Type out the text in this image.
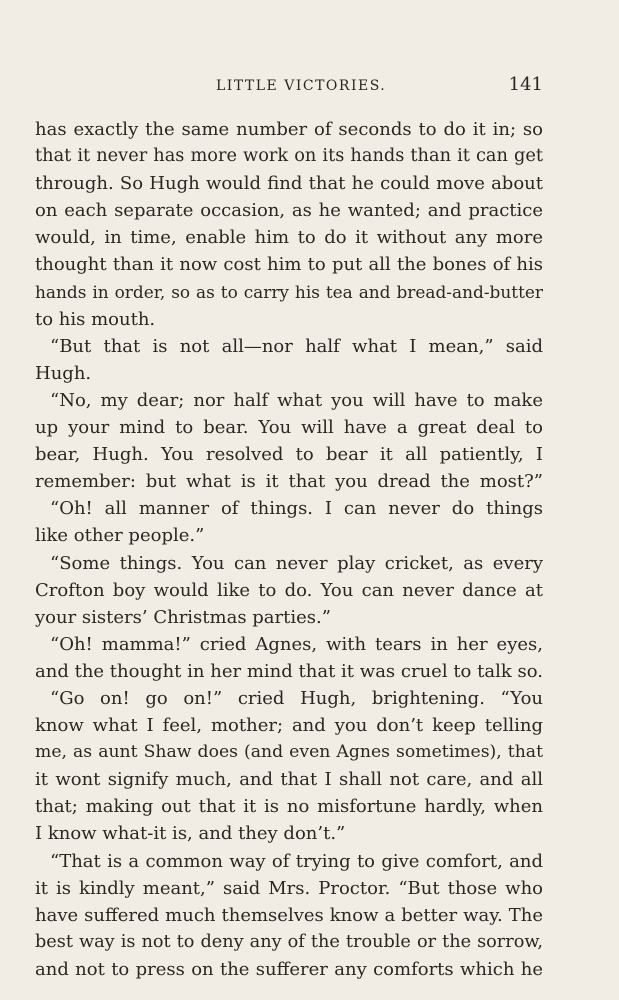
LITTLE VICTORIES.	141
has exactly the same number of seconds to do it in; so
that it never has more work on its hands than it can get
through. So Hugh would find that he could move about
on each separate occasion, as he wanted; and practice
would, in time, enable him to do it without any more
thought than it now cost him to put all the bones of his
hands in order, so as to carry his tea and bread-and-butter
to his mouth.
“But that is not all—nor half what I mean,” said
Hugh.
“No, my dear; nor half what you will have to make
up your mind to bear. You will have a great deal to
bear, Hugh. You resolved to bear it all patiently, I
remember: but what is it that you dread the most?”
“Oh! all manner of things. I can never do things
like other people.”
“Some things. You can never play cricket, as every
Crofton boy would like to do. You can never dance at
your sisters’ Christmas parties.”
“Oh! mamma!” cried Agnes, with tears in her eyes,
and the thought in her mind that it was cruel to talk so.
“Go on! go on!” cried Hugh, brightening. “You
know what I feel, mother; and you don’t keep telling
me, as aunt Shaw does (and even Agnes sometimes), that
it wont signify much, and that I shall not care, and all
that; making out that it is no misfortune hardly, when
I know what-it is, and they don’t.”
“That is a common way of trying to give comfort, and
it is kindly meant,” said Mrs. Proctor. “But those who
have suffered much themselves know a better way. The
best way is not to deny any of the trouble or the sorrow,
and not to press on the sufferer any comforts which he
